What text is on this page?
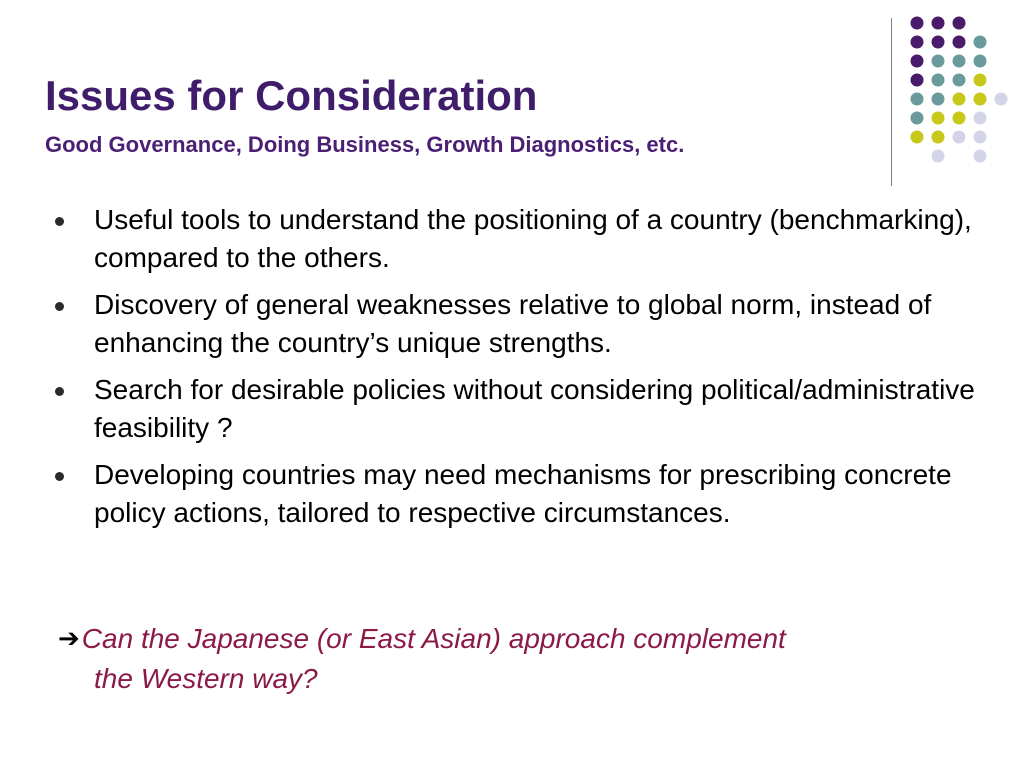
Issues for Consideration
Good Governance, Doing Business, Growth Diagnostics, etc.
Useful tools to understand the positioning of a country (benchmarking), compared to the others.
Discovery of general weaknesses relative to global norm, instead of enhancing the country’s unique strengths.
Search for desirable policies without considering political/administrative feasibility ?
Developing countries may need mechanisms for prescribing concrete policy actions, tailored to respective circumstances.
➔Can the Japanese (or East Asian) approach complement
the Western way?
